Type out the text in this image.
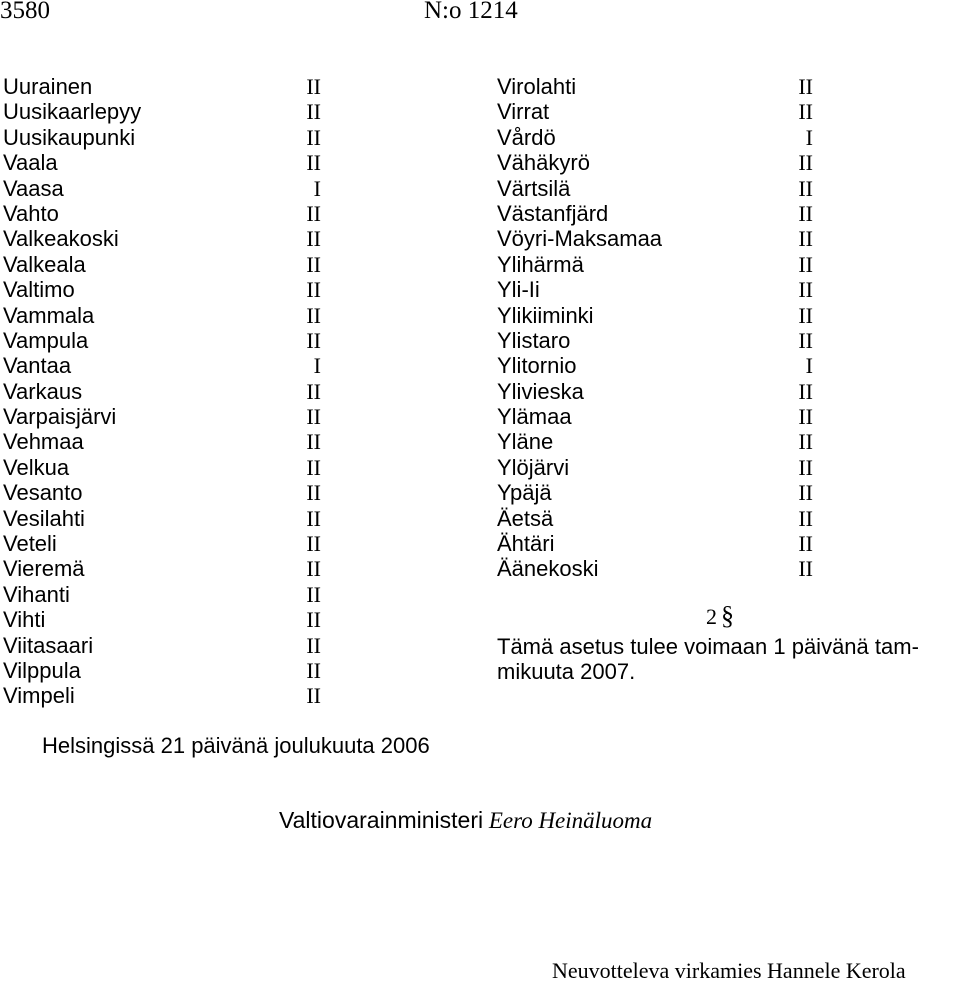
3580	N:o 1214
Uurainen	II
Uusikaarlepyy	II
Uusikaupunki	II
Vaala	II
Vaasa	I
Vahto	II
Valkeakoski	II
Valkeala	II
Valtimo	II
Vammala	II
Vampula	II
Vantaa	I
Varkaus	II
Varpaisjärvi	II
Vehmaa	II
Velkua	II
Vesanto	II
Vesilahti	II
Veteli	II
Vieremä	II
Vihanti	II
Vihti	II
Viitasaari	II
Vilppula	II
Vimpeli	II
Virolahti	II
Virrat	II
Vårdö	I
Vähäkyrö	II
Värtsilä	II
Västanfjärd	II
Vöyri-Maksamaa	II
Ylihärmä	II
Yli-Ii	II
Ylikiiminki	II
Ylistaro	II
Ylitornio	I
Ylivieska	II
Ylämaa	II
Yläne	II
Ylöjärvi	II
Ypäjä	II
Äetsä	II
Ähtäri	II
Äänekoski	II
2 §
Tämä asetus tulee voimaan 1 päivänä tam-
mikuuta 2007.
Helsingissä 21 päivänä joulukuuta 2006
Valtiovarainministeri Eero Heinäluoma
Neuvotteleva virkamies Hannele Kerola
